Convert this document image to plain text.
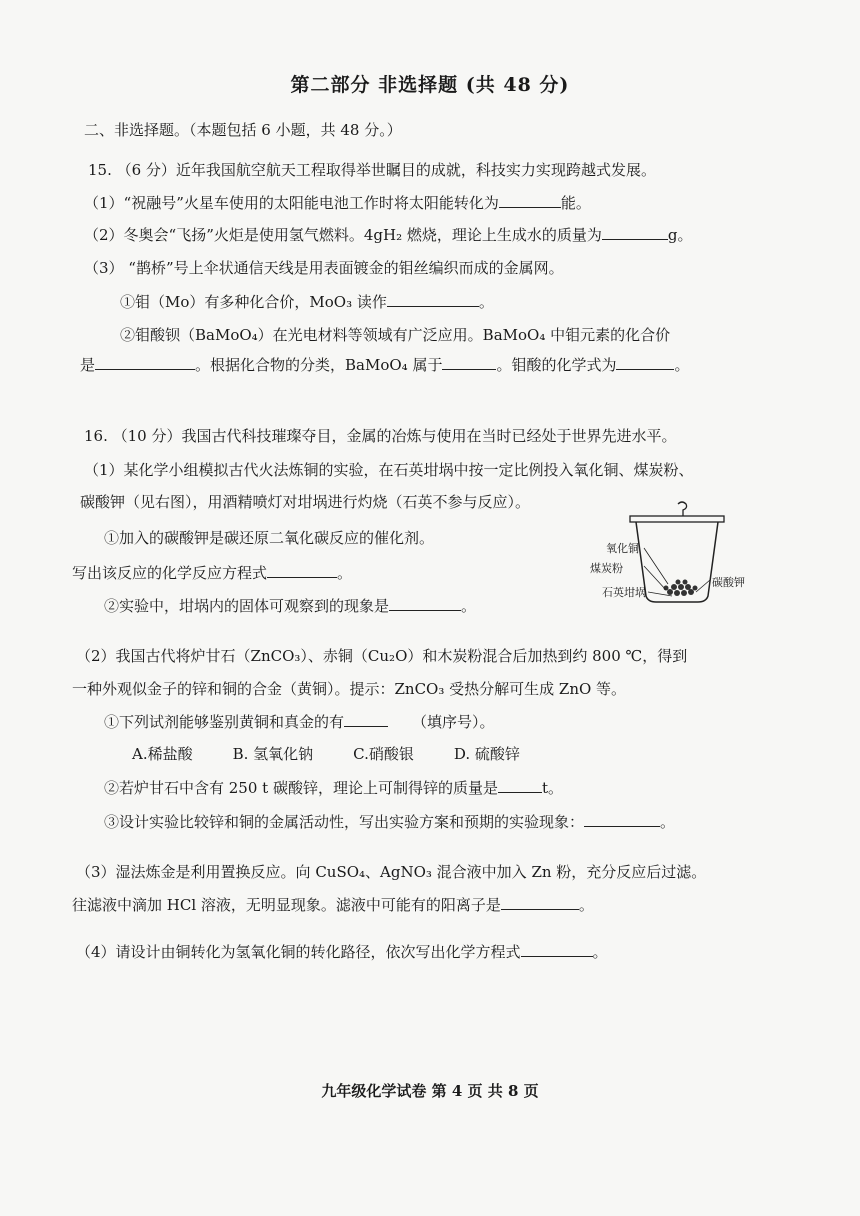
第二部分 非选择题 (共 48 分)
二、非选择题。（本题包括 6 小题，共 48 分。）
15. （6 分）近年我国航空航天工程取得举世瞩目的成就，科技实力实现跨越式发展。
（1）“祝融号”火星车使用的太阳能电池工作时将太阳能转化为	能。
（2）冬奥会“飞扬”火炬是使用氢气燃料。4gH₂ 燃烧，理论上生成水的质量为	g。
（3） “鹊桥”号上伞状通信天线是用表面镀金的钼丝编织而成的金属网。
①钼（Mo）有多种化合价，MoO₃ 读作	。
②钼酸钡（BaMoO₄）在光电材料等领域有广泛应用。BaMoO₄ 中钼元素的化合价
是	。根据化合物的分类，BaMoO₄ 属于	。钼酸的化学式为	。
16. （10 分）我国古代科技璀璨夺目，金属的冶炼与使用在当时已经处于世界先进水平。
（1）某化学小组模拟古代火法炼铜的实验，在石英坩埚中按一定比例投入氧化铜、煤炭粉、
碳酸钾（见右图），用酒精喷灯对坩埚进行灼烧（石英不参与反应）。
①加入的碳酸钾是碳还原二氧化碳反应的催化剂。
写出该反应的化学反应方程式	。
②实验中，坩埚内的固体可观察到的现象是	。
氧化铜
煤炭粉
碳酸钾
石英坩埚
（2）我国古代将炉甘石（ZnCO₃）、赤铜（Cu₂O）和木炭粉混合后加热到约 800 ℃，得到
一种外观似金子的锌和铜的合金（黄铜）。提示：ZnCO₃ 受热分解可生成 ZnO 等。
①下列试剂能够鉴别黄铜和真金的有	（填序号）。
A.稀盐酸	B. 氢氧化钠	C.硝酸银	D. 硫酸锌
②若炉甘石中含有 250 t 碳酸锌，理论上可制得锌的质量是	t。
③设计实验比较锌和铜的金属活动性，写出实验方案和预期的实验现象：	。
（3）湿法炼金是利用置换反应。向 CuSO₄、AgNO₃ 混合液中加入 Zn 粉，充分反应后过滤。
往滤液中滴加 HCl 溶液，无明显现象。滤液中可能有的阳离子是	。
（4）请设计由铜转化为氢氧化铜的转化路径，依次写出化学方程式	。
九年级化学试卷 第 4 页 共 8 页
